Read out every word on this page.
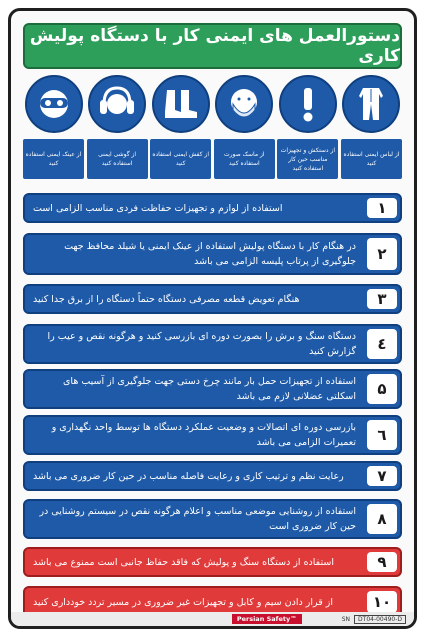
دستورالعمل های ایمنی کار با دستگاه پولیش کاری
از لباس ایمنی استفاده کنید
از دستکش و تجهیزات مناسب حین کار استفاده کنید
از ماسک صورت استفاده کنید
از کفش ایمنی استفاده کنید
از گوشی ایمنی استفاده کنید
از عینک ایمنی استفاده کنید
استفاده از لوازم و تجهیزات حفاظت فردی مناسب الزامی است	۱
در هنگام کار با دستگاه پولیش استفاده از عینک ایمنی یا شیلد محافظ جهت جلوگیری از پرتاب پلیسه الزامی می باشد	۲
هنگام تعویض قطعه مصرفی دستگاه حتماً دستگاه را از برق جدا کنید	۳
دستگاه سنگ و برش را بصورت دوره ای بازرسی کنید و هرگونه نقص و عیب را گزارش کنید	٤
استفاده از تجهیزات حمل بار مانند چرخ دستی جهت جلوگیری از آسیب های اسکلتی عضلانی لازم می باشد	۵
بازرسی دوره ای اتصالات و وضعیت عملکرد دستگاه ها توسط واحد نگهداری و تعمیرات الزامی می باشد	٦
رعایت نظم و ترتیب کاری و رعایت فاصله مناسب در حین کار ضروری می باشد	۷
استفاده از روشنایی موضعی مناسب و اعلام هرگونه نقص در سیستم روشنایی در حین کار ضروری است	۸
استفاده از دستگاه سنگ و پولیش که فاقد حفاظ جانبی است ممنوع می باشد	۹
از قرار دادن سیم و کابل و تجهیزات غیر ضروری در مسیر تردد خودداری کنید	۱۰
Persian Safety™	SN	DT04-00490-D
